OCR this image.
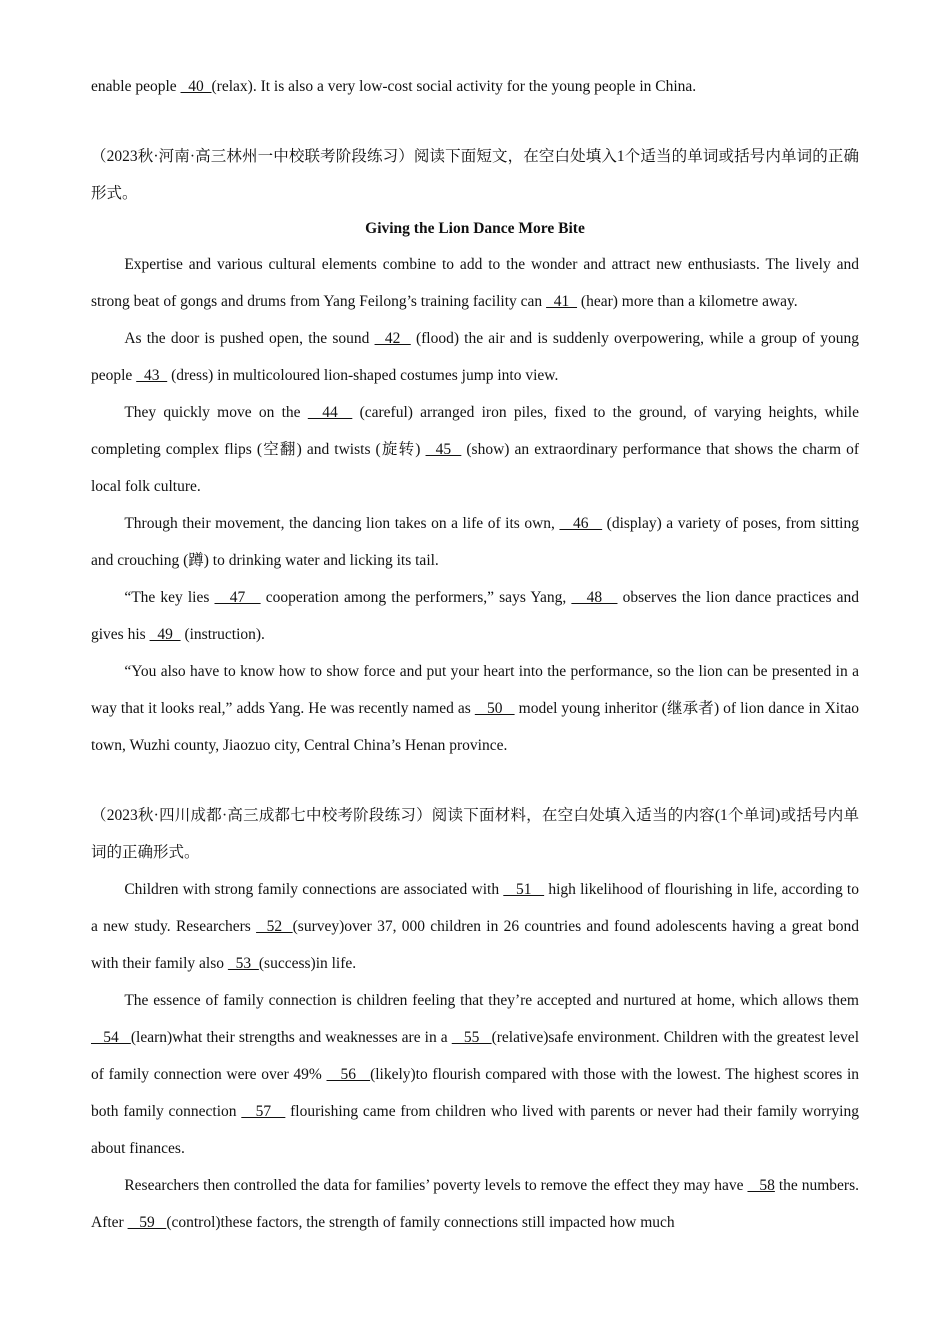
enable people   40  (relax). It is also a very low-cost social activity for the young people in China.

（2023秋·河南·高三林州一中校联考阶段练习）阅读下面短文，在空白处填入1个适当的单词或括号内单词的正确形式。

Giving the Lion Dance More Bite

Expertise and various cultural elements combine to add to the wonder and attract new enthusiasts. The lively and strong beat of gongs and drums from Yang Feilong’s training facility can   41   (hear) more than a kilometre away.

As the door is pushed open, the sound   42   (flood) the air and is suddenly overpowering, while a group of young people   43   (dress) in multicoloured lion-shaped costumes jump into view.

They quickly move on the   44   (careful) arranged iron piles, fixed to the ground, of varying heights, while completing complex flips (空翻) and twists (旋转)   45   (show) an extraordinary performance that shows the charm of local folk culture.

Through their movement, the dancing lion takes on a life of its own,    46    (display) a variety of poses, from sitting and crouching (蹲) to drinking water and licking its tail.

“The key lies    47    cooperation among the performers,” says Yang,    48    observes the lion dance practices and gives his   49   (instruction).

“You also have to know how to show force and put your heart into the performance, so the lion can be presented in a way that it looks real,” adds Yang. He was recently named as    50    model young inheritor (继承者) of lion dance in Xitao town, Wuzhi county, Jiaozuo city, Central China’s Henan province.

（2023秋·四川成都·高三成都七中校考阶段练习）阅读下面材料，在空白处填入适当的内容(1个单词)或括号内单词的正确形式。

Children with strong family connections are associated with    51    high likelihood of flourishing in life, according to a new study. Researchers   52  (survey)over 37, 000 children in 26 countries and found adolescents having a great bond with their family also   53  (success)in life.

The essence of family connection is children feeling that they’re accepted and nurtured at home, which allows them    54   (learn)what their strengths and weaknesses are in a    55   (relative)safe environment. Children with the greatest level of family connection were over 49%    56   (likely)to flourish compared with those with the lowest. The highest scores in both family connection    57    flourishing came from children who lived with parents or never had their family worrying about finances.

Researchers then controlled the data for families’ poverty levels to remove the effect they may have    58 the numbers. After    59   (control)these factors, the strength of family connections still impacted how much
